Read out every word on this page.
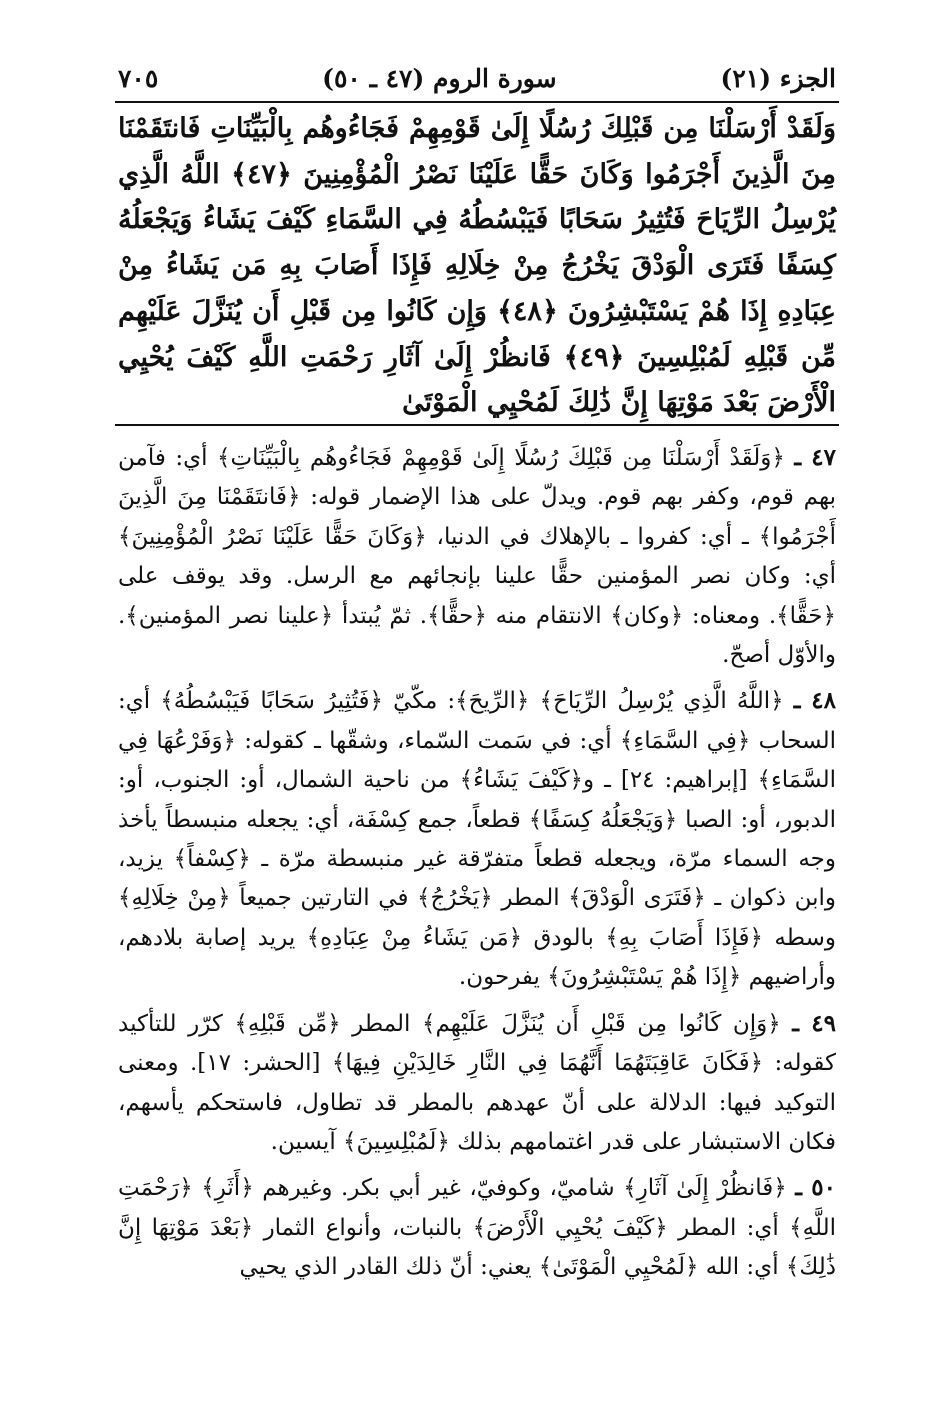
٧٠٥	سورة الروم (٤٧ ـ ٥٠)	الجزء (٢١)

وَلَقَدْ أَرْسَلْنَا مِن قَبْلِكَ رُسُلًا إِلَىٰ قَوْمِهِمْ فَجَاءُوهُم بِالْبَيِّنَاتِ فَانتَقَمْنَا مِنَ الَّذِينَ أَجْرَمُوا وَكَانَ حَقًّا عَلَيْنَا نَصْرُ الْمُؤْمِنِينَ ﴿٤٧﴾ اللَّهُ الَّذِي يُرْسِلُ الرِّيَاحَ فَتُثِيرُ سَحَابًا فَيَبْسُطُهُ فِي السَّمَاءِ كَيْفَ يَشَاءُ وَيَجْعَلُهُ كِسَفًا فَتَرَى الْوَدْقَ يَخْرُجُ مِنْ خِلَالِهِ فَإِذَا أَصَابَ بِهِ مَن يَشَاءُ مِنْ عِبَادِهِ إِذَا هُمْ يَسْتَبْشِرُونَ ﴿٤٨﴾ وَإِن كَانُوا مِن قَبْلِ أَن يُنَزَّلَ عَلَيْهِم مِّن قَبْلِهِ لَمُبْلِسِينَ ﴿٤٩﴾ فَانظُرْ إِلَىٰ آثَارِ رَحْمَتِ اللَّهِ كَيْفَ يُحْيِي الْأَرْضَ بَعْدَ مَوْتِهَا إِنَّ ذَٰلِكَ لَمُحْيِي الْمَوْتَىٰ

٤٧ ـ ﴿وَلَقَدْ أَرْسَلْنَا مِن قَبْلِكَ رُسُلًا إِلَىٰ قَوْمِهِمْ فَجَاءُوهُم بِالْبَيِّنَاتِ﴾ أي: فآمن بهم قوم، وكفر بهم قوم. ويدلّ على هذا الإضمار قوله: ﴿فَانتَقَمْنَا مِنَ الَّذِينَ أَجْرَمُوا﴾ ـ أي: كفروا ـ بالإهلاك في الدنيا، ﴿وَكَانَ حَقًّا عَلَيْنَا نَصْرُ الْمُؤْمِنِينَ﴾ أي: وكان نصر المؤمنين حقًّا علينا بإنجائهم مع الرسل. وقد يوقف على ﴿حَقًّا﴾. ومعناه: ﴿وكان﴾ الانتقام منه ﴿حقًّا﴾. ثمّ يُبتدأ ﴿علينا نصر المؤمنين﴾. والأوّل أصحّ.

٤٨ ـ ﴿اللَّهُ الَّذِي يُرْسِلُ الرِّيَاحَ﴾ ﴿الرِّيحَ﴾: مكّيّ ﴿فَتُثِيرُ سَحَابًا فَيَبْسُطُهُ﴾ أي: السحاب ﴿فِي السَّمَاءِ﴾ أي: في سَمت السّماء، وشقّها ـ كقوله: ﴿وَفَرْعُهَا فِي السَّمَاءِ﴾ [إبراهيم: ٢٤] ـ و﴿كَيْفَ يَشَاءُ﴾ من ناحية الشمال، أو: الجنوب، أو: الدبور، أو: الصبا ﴿وَيَجْعَلُهُ كِسَفًا﴾ قطعاً، جمع كِسْفَة، أي: يجعله منبسطاً يأخذ وجه السماء مرّة، ويجعله قطعاً متفرّقة غير منبسطة مرّة ـ ﴿كِسْفاً﴾ يزيد، وابن ذكوان ـ ﴿فَتَرَى الْوَدْقَ﴾ المطر ﴿يَخْرُجُ﴾ في التارتين جميعاً ﴿مِنْ خِلَالِهِ﴾ وسطه ﴿فَإِذَا أَصَابَ بِهِ﴾ بالودق ﴿مَن يَشَاءُ مِنْ عِبَادِهِ﴾ يريد إصابة بلادهم، وأراضيهم ﴿إِذَا هُمْ يَسْتَبْشِرُونَ﴾ يفرحون.

٤٩ ـ ﴿وَإِن كَانُوا مِن قَبْلِ أَن يُنَزَّلَ عَلَيْهِم﴾ المطر ﴿مِّن قَبْلِهِ﴾ كرّر للتأكيد كقوله: ﴿فَكَانَ عَاقِبَتَهُمَا أَنَّهُمَا فِي النَّارِ خَالِدَيْنِ فِيهَا﴾ [الحشر: ١٧]. ومعنى التوكيد فيها: الدلالة على أنّ عهدهم بالمطر قد تطاول، فاستحكم يأسهم، فكان الاستبشار على قدر اغتمامهم بذلك ﴿لَمُبْلِسِينَ﴾ آيسين.

٥٠ ـ ﴿فَانظُرْ إِلَىٰ آثَارِ﴾ شاميّ، وكوفيّ، غير أبي بكر. وغيرهم ﴿أَثَرِ﴾ ﴿رَحْمَتِ اللَّهِ﴾ أي: المطر ﴿كَيْفَ يُحْيِي الْأَرْضَ﴾ بالنبات، وأنواع الثمار ﴿بَعْدَ مَوْتِهَا إِنَّ ذَٰلِكَ﴾ أي: الله ﴿لَمُحْيِي الْمَوْتَىٰ﴾ يعني: أنّ ذلك القادر الذي يحيي
